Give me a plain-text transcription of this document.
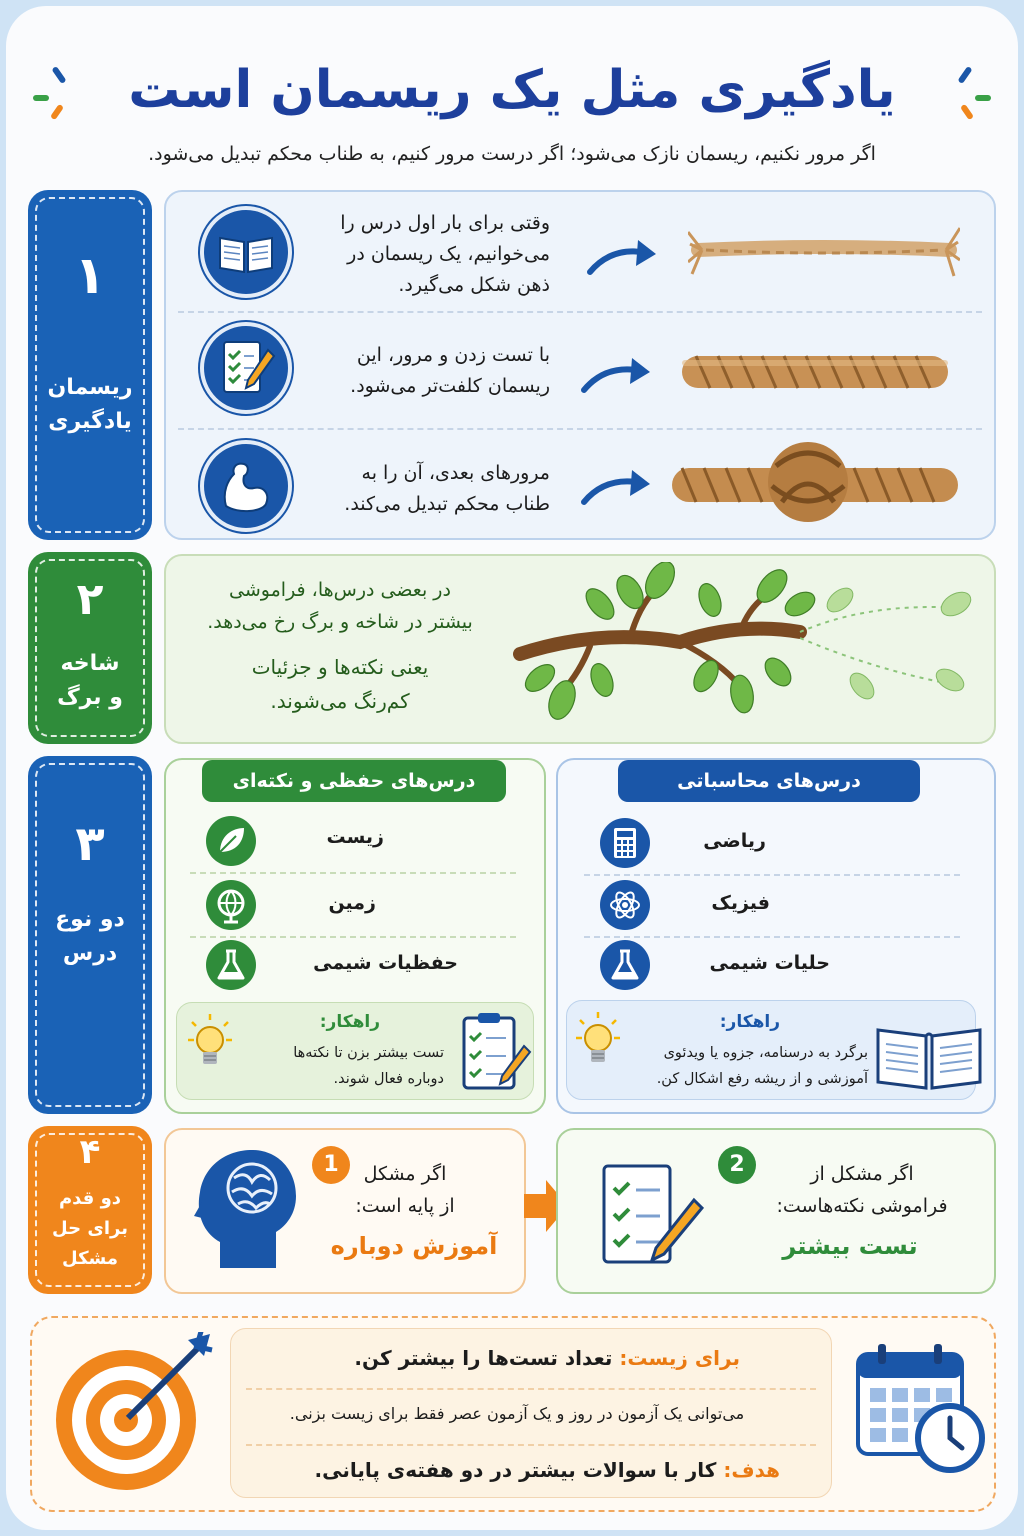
یادگیری مثل یک ریسمان است
اگر مرور نکنیم، ریسمان نازک می‌شود؛ اگر درست مرور کنیم، به طناب محکم تبدیل می‌شود.
۱
ریسمان
یادگیری
وقتی برای بار اول درس را
می‌خوانیم، یک ریسمان در
ذهن شکل می‌گیرد.
با تست زدن و مرور، این
ریسمان کلفت‌تر می‌شود.
مرورهای بعدی، آن را به
طناب محکم تبدیل می‌کند.
۲
شاخه
و برگ
در بعضی درس‌ها، فراموشی
بیشتر در شاخه و برگ رخ می‌دهد.
یعنی نکته‌ها و جزئیات
کم‌رنگ می‌شوند.
۳
دو نوع
درس
درس‌های حفظی و نکته‌ای
زیست
زمین
حفظیات شیمی
راهکار:
تست بیشتر بزن تا نکته‌ها
دوباره فعال شوند.
درس‌های محاسباتی
ریاضی
فیزیک
حلیات شیمی
راهکار:
برگرد به درسنامه، جزوه یا ویدئوی
آموزشی و از ریشه رفع اشکال کن.
۴
دو قدم
برای حل
مشکل
1	اگر مشکل
از پایه است:
آموزش دوباره
2	اگر مشکل از
فراموشی نکته‌هاست:
تست بیشتر
برای زیست: تعداد تست‌ها را بیشتر کن.
می‌توانی یک آزمون در روز و یک آزمون عصر فقط برای زیست بزنی.
هدف: کار با سوالات بیشتر در دو هفته‌ی پایانی.
